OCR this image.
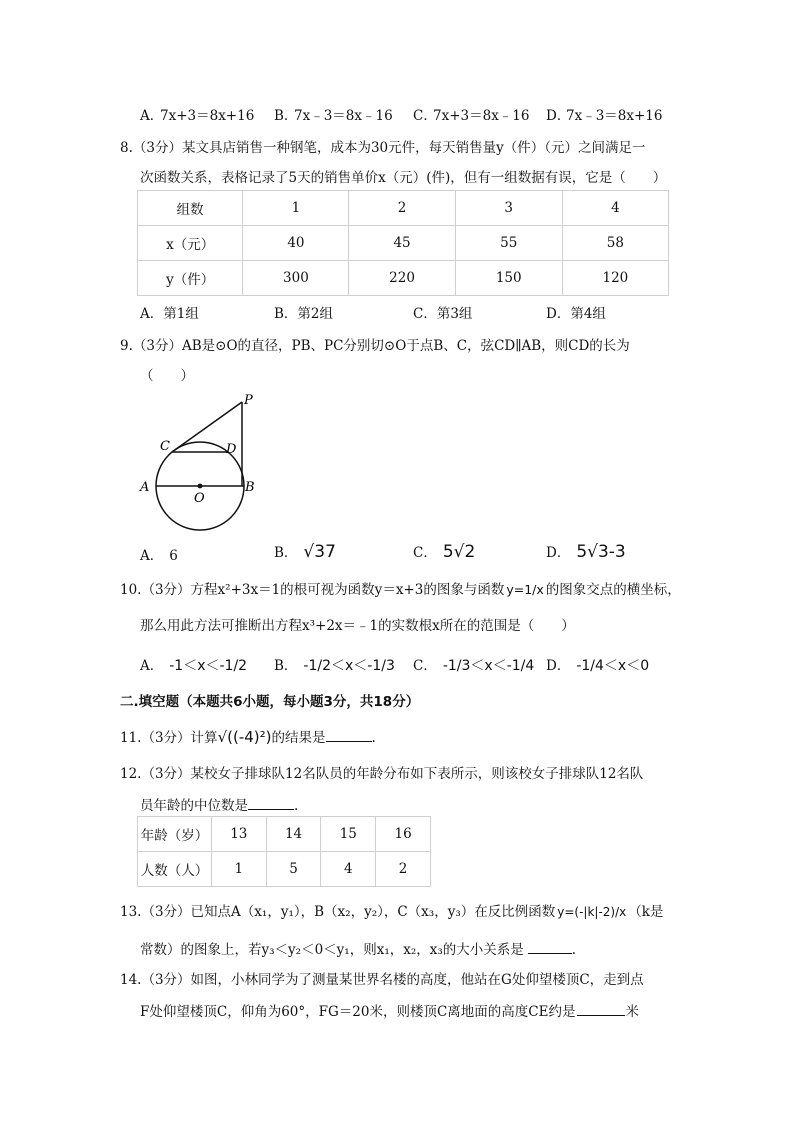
A．
7x+3＝8x+16 B．
7x﹣3＝8x﹣16 C．
7x+3＝8x﹣16 D．
7x﹣3＝8x+16
8.（3分）某文具店销售一种钢笔，成本为30元件，每天销售量y（件）（元）之间满足一
次函数关系，表格记录了5天的销售单价x（元）(件)，但有一组数据有误，它是（　　）
组数	1	2	3	4
x（元）	40	45	55	58
y（件）	300	220	150	120
A．第1组	B．第2组	C．第3组	D．第4组
9.（3分）AB是⊙O的直径，PB、PC分别切⊙O于点B、C，弦CD∥AB，则CD的长为
（　　）
P
C	D
A
O
B
A． 6	B． √37	C． 5√2	D． 5√3-3
10.（3分）方程x²+3x＝1的根可视为函数y＝x+3的图象与函数 y=1/x 的图象交点的横坐标，
那么用此方法可推断出方程x³+2x＝﹣1的实数根x所在的范围是（　　）
A． -1＜x＜-1/2 B． -1/2＜x＜-1/3 C． -1/3＜x＜-1/4 D． -1/4＜x＜0
二.填空题（本题共6小题，每小题3分，共18分）
11.（3分）计算√((-4)²)的结果是	.
12.（3分）某校女子排球队12名队员的年龄分布如下表所示，则该校女子排球队12名队
员年龄的中位数是	.
年龄（岁）	13	14	15	16
人数（人）	1	5	4	2
13.（3分）已知点A（x₁，y₁），B（x₂，y₂），C（x₃，y₃）在反比例函数 y=(-|k|-2)/x （k是
常数）的图象上，若y₃＜y₂＜0＜y₁，则x₁，x₂，x₃的大小关系是	.
14.（3分）如图，小林同学为了测量某世界名楼的高度，他站在G处仰望楼顶C，走到点
F处仰望楼顶C，仰角为60°，FG＝20米，则楼顶C离地面的高度CE约是	米
